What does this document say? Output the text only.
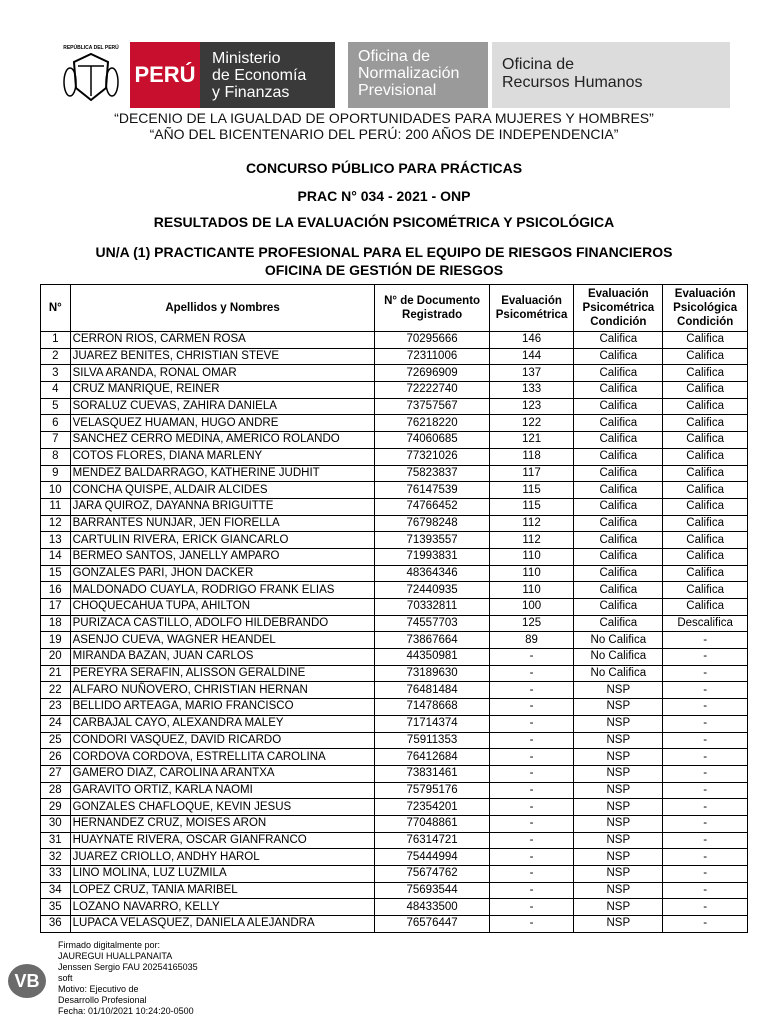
REPÚBLICA DEL PERÚ
PERÚ
Ministerio
de Economía
y Finanzas
Oficina de
Normalización
Previsional
Oficina de
Recursos Humanos
“DECENIO DE LA IGUALDAD DE OPORTUNIDADES PARA MUJERES Y HOMBRES”
“AÑO DEL BICENTENARIO DEL PERÚ: 200 AÑOS DE INDEPENDENCIA”
CONCURSO PÚBLICO PARA PRÁCTICAS
PRAC N° 034 - 2021 - ONP
RESULTADOS DE LA EVALUACIÓN PSICOMÉTRICA Y PSICOLÓGICA
UN/A (1) PRACTICANTE PROFESIONAL PARA EL EQUIPO DE RIESGOS FINANCIEROS
OFICINA DE GESTIÓN DE RIESGOS
N°	Apellidos y Nombres	N° de Documento Registrado	Evaluación Psicométrica	Evaluación Psicométrica Condición	Evaluación Psicológica Condición
1	CERRON RIOS, CARMEN ROSA	70295666	146	Califica	Califica
2	JUAREZ BENITES, CHRISTIAN STEVE	72311006	144	Califica	Califica
3	SILVA ARANDA, RONAL OMAR	72696909	137	Califica	Califica
4	CRUZ MANRIQUE, REINER	72222740	133	Califica	Califica
5	SORALUZ CUEVAS, ZAHIRA DANIELA	73757567	123	Califica	Califica
6	VELASQUEZ HUAMAN, HUGO ANDRE	76218220	122	Califica	Califica
7	SANCHEZ CERRO MEDINA, AMERICO ROLANDO	74060685	121	Califica	Califica
8	COTOS FLORES, DIANA MARLENY	77321026	118	Califica	Califica
9	MENDEZ BALDARRAGO, KATHERINE JUDHIT	75823837	117	Califica	Califica
10	CONCHA QUISPE, ALDAIR ALCIDES	76147539	115	Califica	Califica
11	JARA QUIROZ, DAYANNA BRIGUITTE	74766452	115	Califica	Califica
12	BARRANTES NUNJAR, JEN FIORELLA	76798248	112	Califica	Califica
13	CARTULIN RIVERA, ERICK GIANCARLO	71393557	112	Califica	Califica
14	BERMEO SANTOS, JANELLY AMPARO	71993831	110	Califica	Califica
15	GONZALES PARI, JHON DACKER	48364346	110	Califica	Califica
16	MALDONADO CUAYLA, RODRIGO FRANK ELIAS	72440935	110	Califica	Califica
17	CHOQUECAHUA TUPA, AHILTON	70332811	100	Califica	Califica
18	PURIZACA CASTILLO, ADOLFO HILDEBRANDO	74557703	125	Califica	Descalifica
19	ASENJO CUEVA, WAGNER HEANDEL	73867664	89	No Califica	-
20	MIRANDA BAZAN, JUAN CARLOS	44350981	-	No Califica	-
21	PEREYRA SERAFIN, ALISSON GERALDINE	73189630	-	No Califica	-
22	ALFARO NUÑOVERO, CHRISTIAN HERNAN	76481484	-	NSP	-
23	BELLIDO ARTEAGA, MARIO FRANCISCO	71478668	-	NSP	-
24	CARBAJAL CAYO, ALEXANDRA MALEY	71714374	-	NSP	-
25	CONDORI VASQUEZ, DAVID RICARDO	75911353	-	NSP	-
26	CORDOVA CORDOVA, ESTRELLITA CAROLINA	76412684	-	NSP	-
27	GAMERO DIAZ, CAROLINA ARANTXA	73831461	-	NSP	-
28	GARAVITO ORTIZ, KARLA NAOMI	75795176	-	NSP	-
29	GONZALES CHAFLOQUE, KEVIN JESUS	72354201	-	NSP	-
30	HERNANDEZ CRUZ, MOISES ARON	77048861	-	NSP	-
31	HUAYNATE RIVERA, OSCAR GIANFRANCO	76314721	-	NSP	-
32	JUAREZ CRIOLLO, ANDHY HAROL	75444994	-	NSP	-
33	LINO MOLINA, LUZ LUZMILA	75674762	-	NSP	-
34	LOPEZ CRUZ, TANIA MARIBEL	75693544	-	NSP	-
35	LOZANO NAVARRO, KELLY	48433500	-	NSP	-
36	LUPACA VELASQUEZ, DANIELA ALEJANDRA	76576447	-	NSP	-
VB
Firmado digitalmente por:
JAUREGUI HUALLPANAITA
Jenssen Sergio FAU 20254165035
soft
Motivo: Ejecutivo de
Desarrollo Profesional
Fecha: 01/10/2021 10:24:20-0500
